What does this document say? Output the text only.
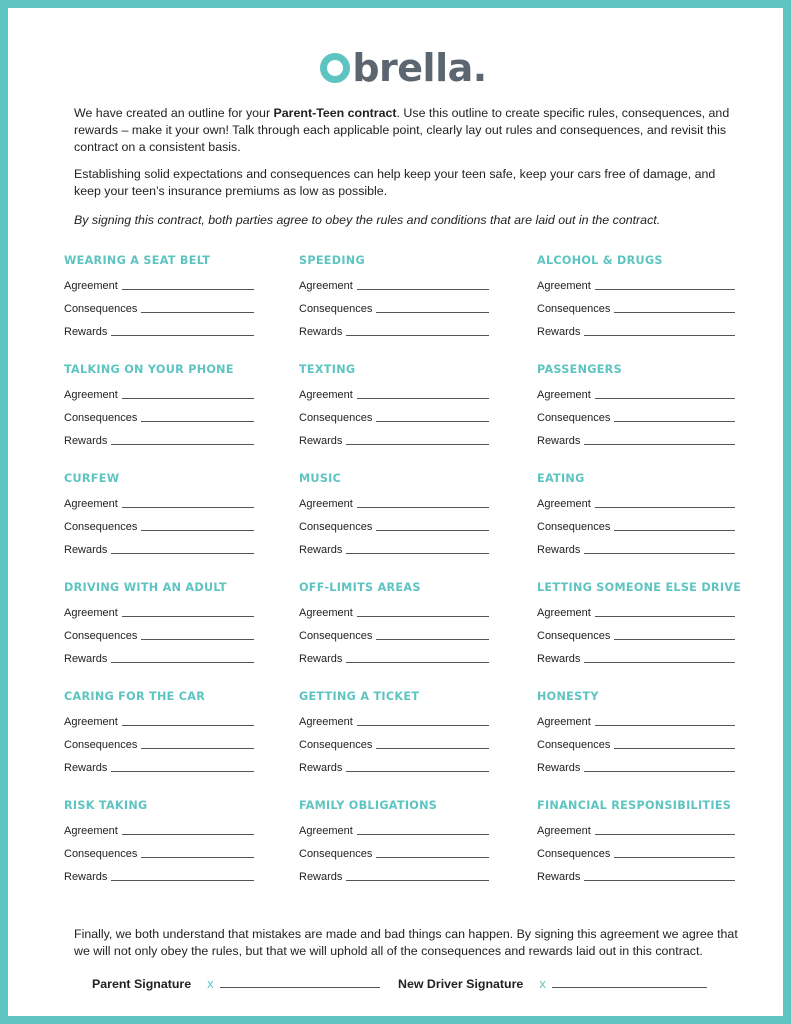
brella.

We have created an outline for your Parent-Teen contract. Use this outline to create specific rules, consequences, and rewards – make it your own! Talk through each applicable point, clearly lay out rules and consequences, and revisit this contract on a consistent basis.

Establishing solid expectations and consequences can help keep your teen safe, keep your cars free of damage, and keep your teen’s insurance premiums as low as possible.

By signing this contract, both parties agree to obey the rules and conditions that are laid out in the contract.

WEARING A SEAT BELT
Agreement
Consequences
Rewards
SPEEDING
Agreement
Consequences
Rewards
ALCOHOL & DRUGS
Agreement
Consequences
Rewards
TALKING ON YOUR PHONE
Agreement
Consequences
Rewards
TEXTING
Agreement
Consequences
Rewards
PASSENGERS
Agreement
Consequences
Rewards
CURFEW
Agreement
Consequences
Rewards
MUSIC
Agreement
Consequences
Rewards
EATING
Agreement
Consequences
Rewards
DRIVING WITH AN ADULT
Agreement
Consequences
Rewards
OFF-LIMITS AREAS
Agreement
Consequences
Rewards
LETTING SOMEONE ELSE DRIVE
Agreement
Consequences
Rewards
CARING FOR THE CAR
Agreement
Consequences
Rewards
GETTING A TICKET
Agreement
Consequences
Rewards
HONESTY
Agreement
Consequences
Rewards
RISK TAKING
Agreement
Consequences
Rewards
FAMILY OBLIGATIONS
Agreement
Consequences
Rewards
FINANCIAL RESPONSIBILITIES
Agreement
Consequences
Rewards

Finally, we both understand that mistakes are made and bad things can happen. By signing this agreement we agree that we will not only obey the rules, but that we will uphold all of the consequences and rewards laid out in this contract.

Parent Signature x	New Driver Signature x
